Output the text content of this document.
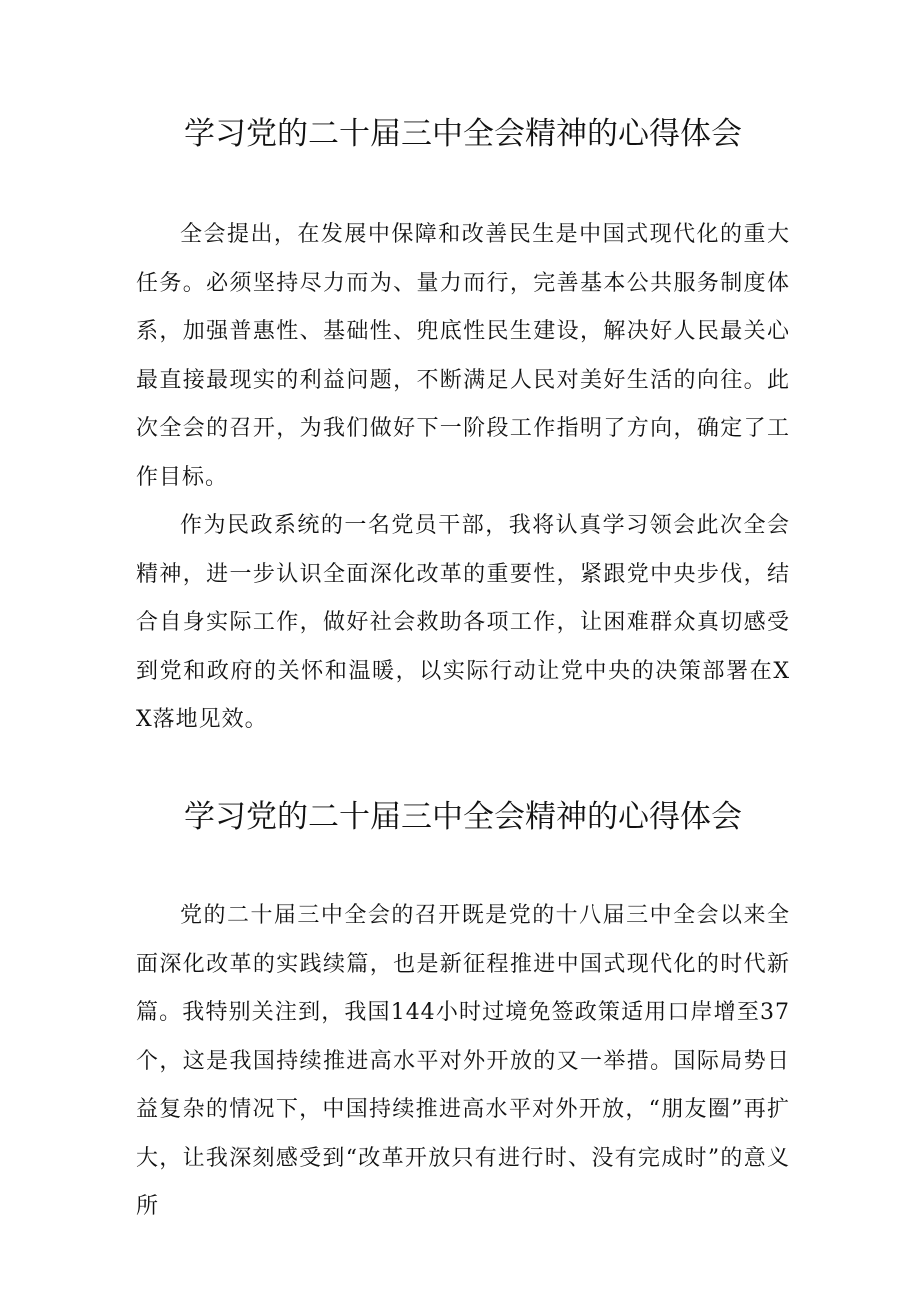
学习党的二十届三中全会精神的心得体会

全会提出，在发展中保障和改善民生是中国式现代化的重大任务。必须坚持尽力而为、量力而行，完善基本公共服务制度体系，加强普惠性、基础性、兜底性民生建设，解决好人民最关心最直接最现实的利益问题，不断满足人民对美好生活的向往。此次全会的召开，为我们做好下一阶段工作指明了方向，确定了工作目标。

作为民政系统的一名党员干部，我将认真学习领会此次全会精神，进一步认识全面深化改革的重要性，紧跟党中央步伐，结合自身实际工作，做好社会救助各项工作，让困难群众真切感受到党和政府的关怀和温暖，以实际行动让党中央的决策部署在XX落地见效。

学习党的二十届三中全会精神的心得体会

党的二十届三中全会的召开既是党的十八届三中全会以来全面深化改革的实践续篇，也是新征程推进中国式现代化的时代新篇。我特别关注到，我国144小时过境免签政策适用口岸增至37个，这是我国持续推进高水平对外开放的又一举措。国际局势日益复杂的情况下，中国持续推进高水平对外开放，“朋友圈”再扩大，让我深刻感受到“改革开放只有进行时、没有完成时”的意义所
